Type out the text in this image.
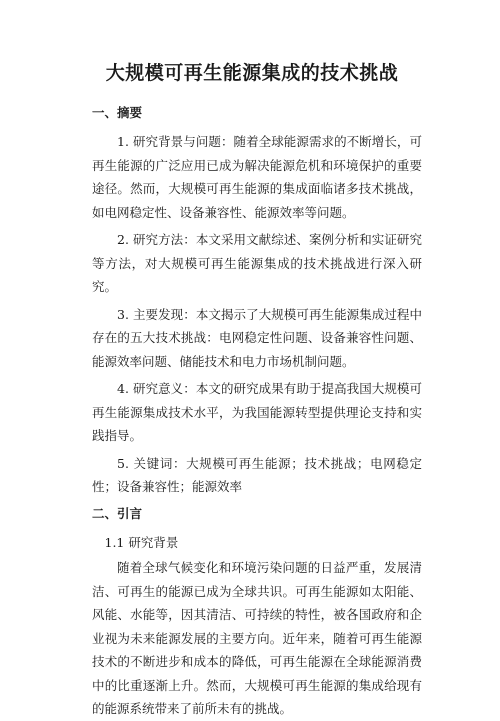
大规模可再生能源集成的技术挑战
一、摘要

1. 研究背景与问题：随着全球能源需求的不断增长，可再生能源的广泛应用已成为解决能源危机和环境保护的重要途径。然而，大规模可再生能源的集成面临诸多技术挑战，如电网稳定性、设备兼容性、能源效率等问题。

2. 研究方法：本文采用文献综述、案例分析和实证研究等方法，对大规模可再生能源集成的技术挑战进行深入研究。

3. 主要发现：本文揭示了大规模可再生能源集成过程中存在的五大技术挑战：电网稳定性问题、设备兼容性问题、能源效率问题、储能技术和电力市场机制问题。

4. 研究意义：本文的研究成果有助于提高我国大规模可再生能源集成技术水平，为我国能源转型提供理论支持和实践指导。

5. 关键词：大规模可再生能源；技术挑战；电网稳定性；设备兼容性；能源效率

二、引言
1.1 研究背景

随着全球气候变化和环境污染问题的日益严重，发展清洁、可再生的能源已成为全球共识。可再生能源如太阳能、风能、水能等，因其清洁、可持续的特性，被各国政府和企业视为未来能源发展的主要方向。近年来，随着可再生能源技术的不断进步和成本的降低，可再生能源在全球能源消费中的比重逐渐上升。然而，大规模可再生能源的集成给现有的能源系统带来了前所未有的挑战。
